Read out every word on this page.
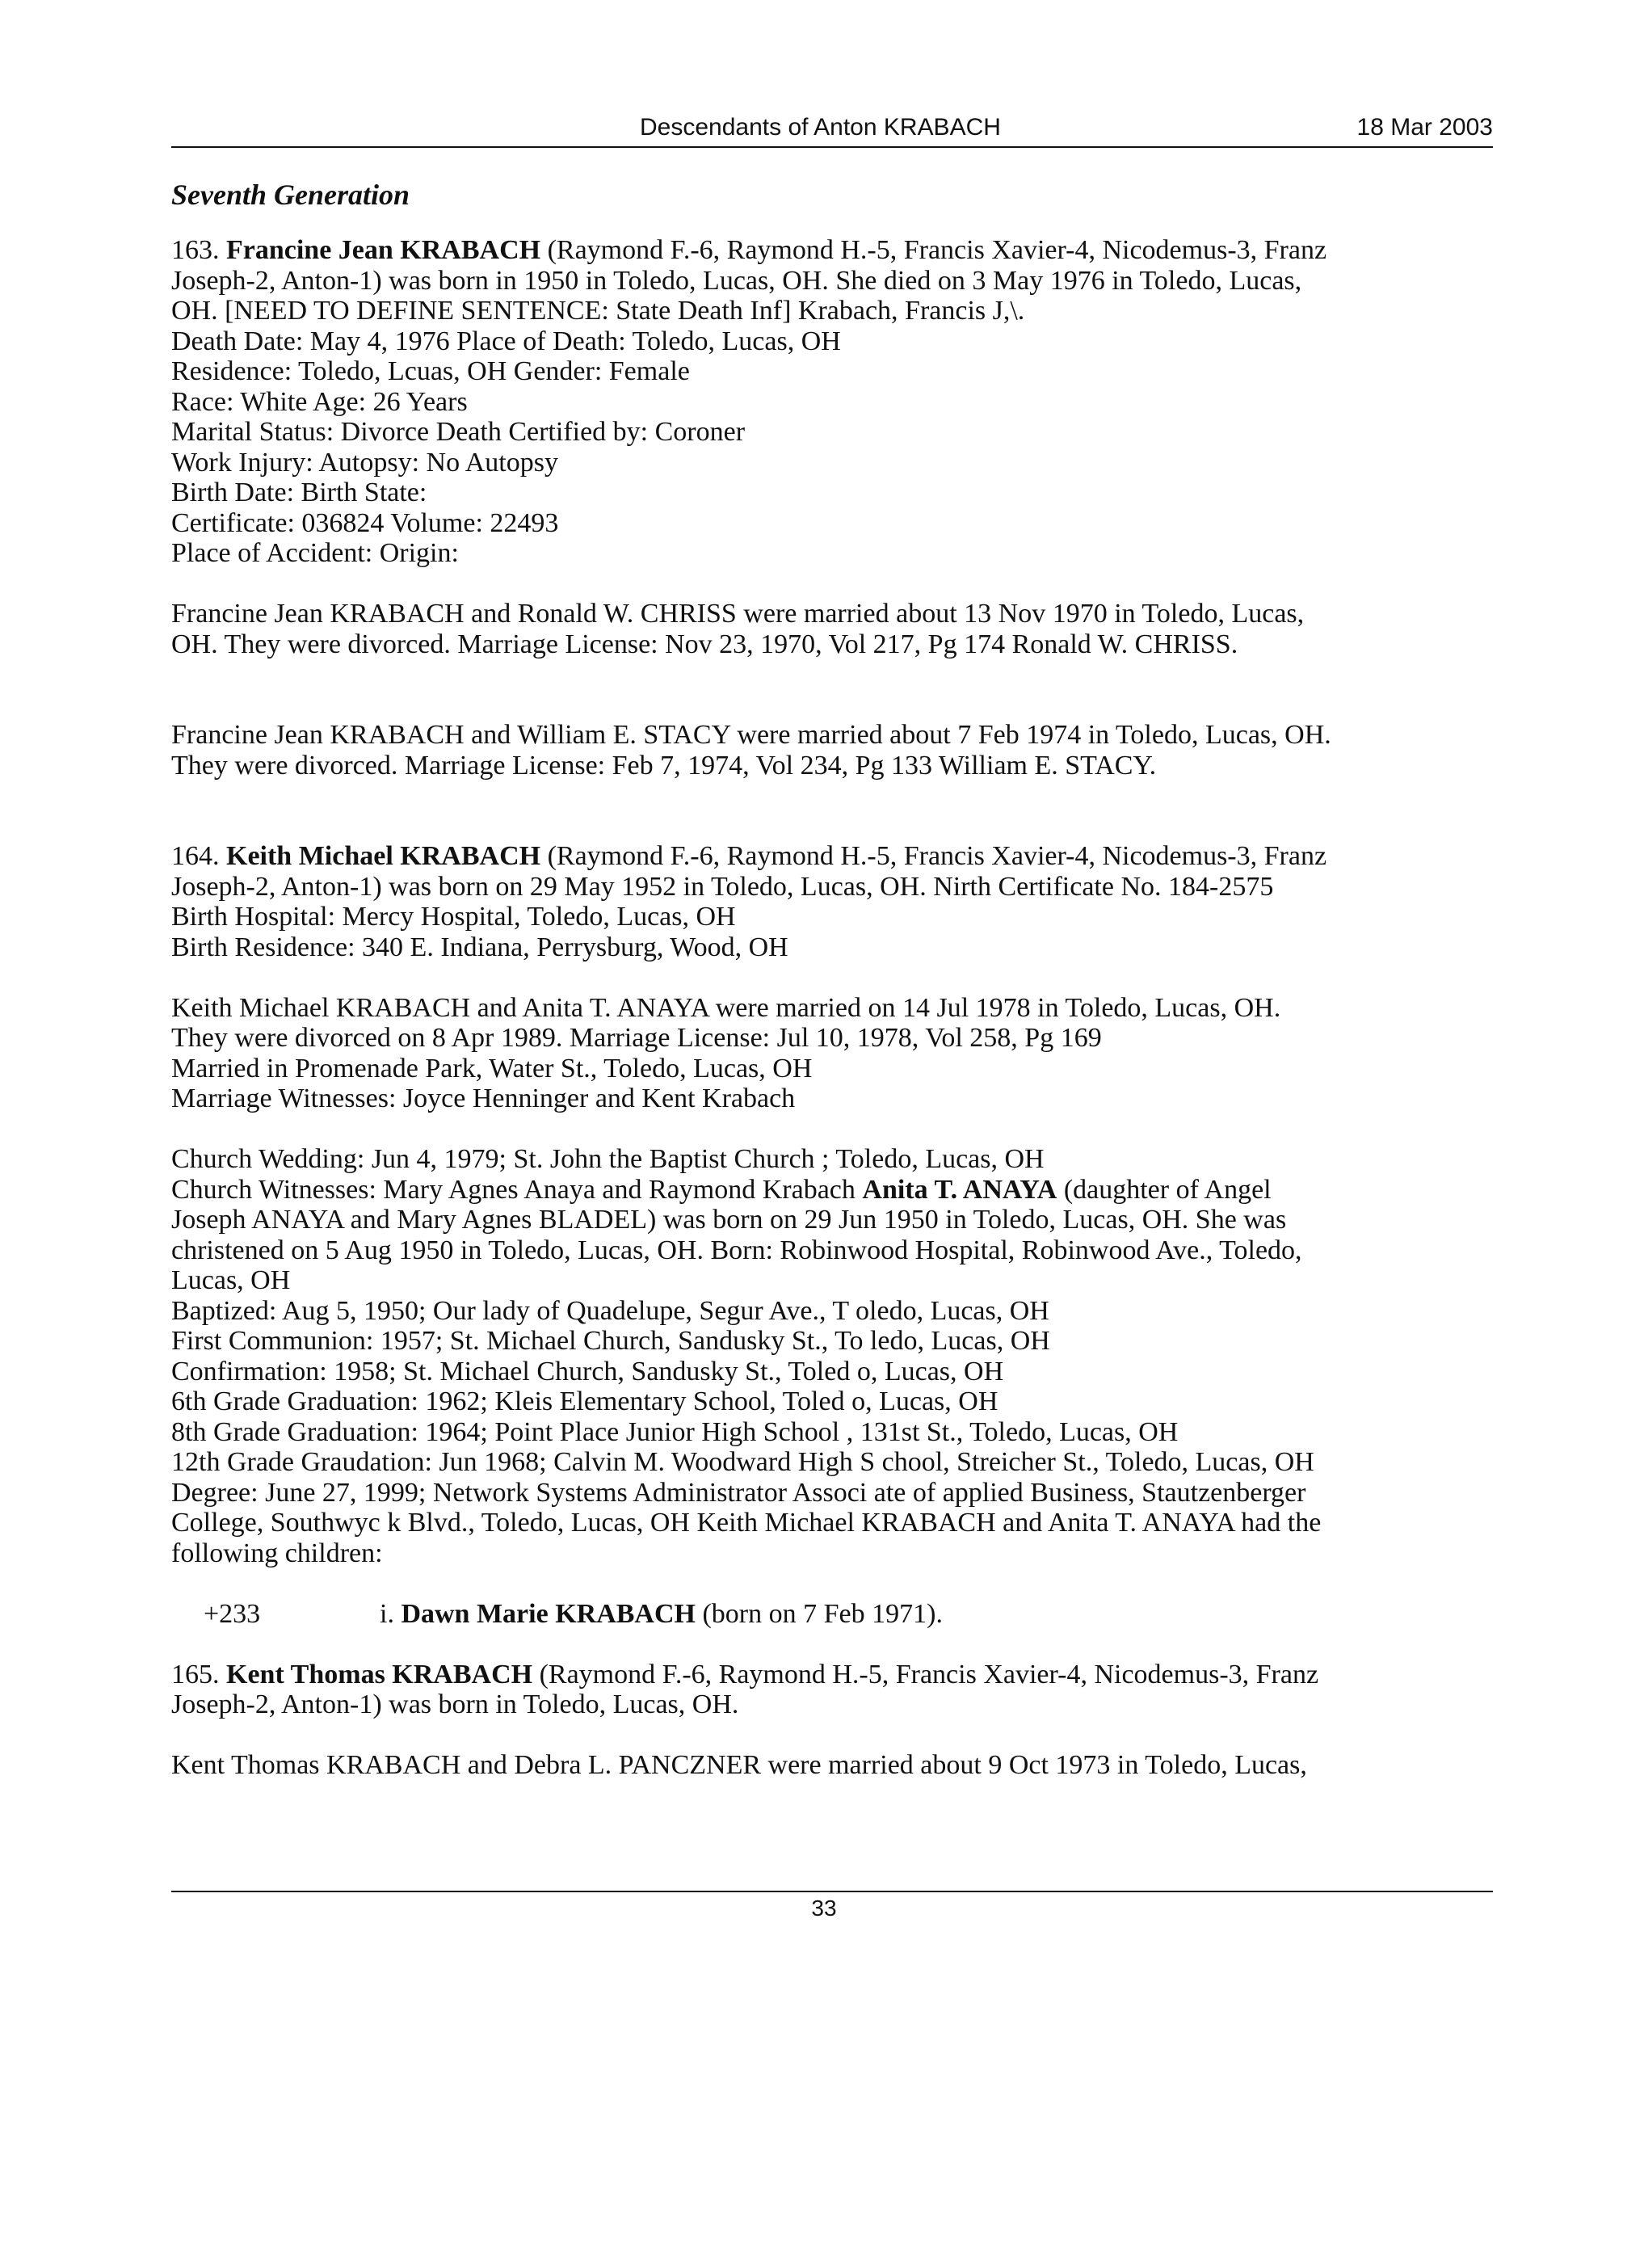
Descendants of Anton KRABACH	18 Mar 2003
Seventh Generation
163. Francine Jean KRABACH (Raymond F.-6, Raymond H.-5, Francis Xavier-4, Nicodemus-3, Franz
Joseph-2, Anton-1) was born in 1950 in Toledo, Lucas, OH. She died on 3 May 1976 in Toledo, Lucas,
OH. [NEED TO DEFINE SENTENCE: State Death Inf] Krabach, Francis J,\.
Death Date: May 4, 1976 Place of Death: Toledo, Lucas, OH
Residence: Toledo, Lcuas, OH Gender: Female
Race: White Age: 26 Years
Marital Status: Divorce Death Certified by: Coroner
Work Injury: Autopsy: No Autopsy
Birth Date: Birth State:
Certificate: 036824 Volume: 22493
Place of Accident: Origin:
Francine Jean KRABACH and Ronald W. CHRISS were married about 13 Nov 1970 in Toledo, Lucas,
OH. They were divorced. Marriage License: Nov 23, 1970, Vol 217, Pg 174 Ronald W. CHRISS.
Francine Jean KRABACH and William E. STACY were married about 7 Feb 1974 in Toledo, Lucas, OH.
They were divorced. Marriage License: Feb 7, 1974, Vol 234, Pg 133 William E. STACY.
164. Keith Michael KRABACH (Raymond F.-6, Raymond H.-5, Francis Xavier-4, Nicodemus-3, Franz
Joseph-2, Anton-1) was born on 29 May 1952 in Toledo, Lucas, OH. Nirth Certificate No. 184-2575
Birth Hospital: Mercy Hospital, Toledo, Lucas, OH
Birth Residence: 340 E. Indiana, Perrysburg, Wood, OH
Keith Michael KRABACH and Anita T. ANAYA were married on 14 Jul 1978 in Toledo, Lucas, OH.
They were divorced on 8 Apr 1989. Marriage License: Jul 10, 1978, Vol 258, Pg 169
Married in Promenade Park, Water St., Toledo, Lucas, OH
Marriage Witnesses: Joyce Henninger and Kent Krabach
Church Wedding: Jun 4, 1979; St. John the Baptist Church ; Toledo, Lucas, OH
Church Witnesses: Mary Agnes Anaya and Raymond Krabach Anita T. ANAYA (daughter of Angel
Joseph ANAYA and Mary Agnes BLADEL) was born on 29 Jun 1950 in Toledo, Lucas, OH. She was
christened on 5 Aug 1950 in Toledo, Lucas, OH. Born: Robinwood Hospital, Robinwood Ave., Toledo,
Lucas, OH
Baptized: Aug 5, 1950; Our lady of Quadelupe, Segur Ave., T oledo, Lucas, OH
First Communion: 1957; St. Michael Church, Sandusky St., To ledo, Lucas, OH
Confirmation: 1958; St. Michael Church, Sandusky St., Toled o, Lucas, OH
6th Grade Graduation: 1962; Kleis Elementary School, Toled o, Lucas, OH
8th Grade Graduation: 1964; Point Place Junior High School , 131st St., Toledo, Lucas, OH
12th Grade Graudation: Jun 1968; Calvin M. Woodward High S chool, Streicher St., Toledo, Lucas, OH
Degree: June 27, 1999; Network Systems Administrator Associ ate of applied Business, Stautzenberger
College, Southwyc k Blvd., Toledo, Lucas, OH Keith Michael KRABACH and Anita T. ANAYA had the
following children:
+233	i. Dawn Marie KRABACH (born on 7 Feb 1971).
165. Kent Thomas KRABACH (Raymond F.-6, Raymond H.-5, Francis Xavier-4, Nicodemus-3, Franz
Joseph-2, Anton-1) was born in Toledo, Lucas, OH.
Kent Thomas KRABACH and Debra L. PANCZNER were married about 9 Oct 1973 in Toledo, Lucas,
33
